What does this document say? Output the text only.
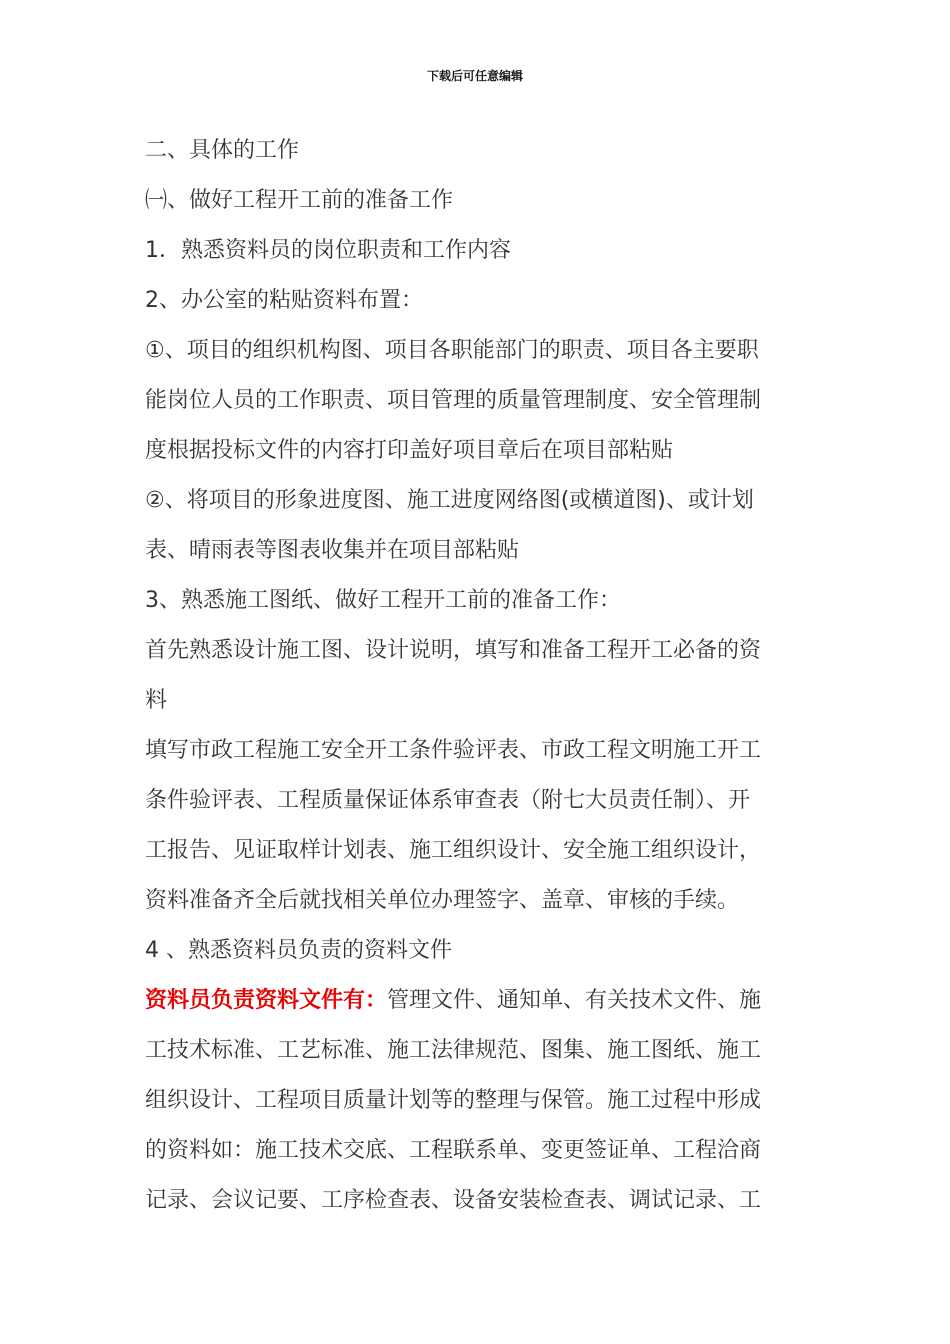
下载后可任意编辑
二、具体的工作
㈠、做好工程开工前的准备工作
1．熟悉资料员的岗位职责和工作内容
2、办公室的粘贴资料布置：
①、项目的组织机构图、项目各职能部门的职责、项目各主要职
能岗位人员的工作职责、项目管理的质量管理制度、安全管理制
度根据投标文件的内容打印盖好项目章后在项目部粘贴
②、将项目的形象进度图、施工进度网络图(或横道图)、或计划
表、晴雨表等图表收集并在项目部粘贴
3、熟悉施工图纸、做好工程开工前的准备工作：
首先熟悉设计施工图、设计说明，填写和准备工程开工必备的资
料
填写市政工程施工安全开工条件验评表、市政工程文明施工开工
条件验评表、工程质量保证体系审查表（附七大员责任制）、开
工报告、见证取样计划表、施工组织设计、安全施工组织设计，
资料准备齐全后就找相关单位办理签字、盖章、审核的手续。
4 、熟悉资料员负责的资料文件
资料员负责资料文件有：管理文件、通知单、有关技术文件、施
工技术标准、工艺标准、施工法律规范、图集、施工图纸、施工
组织设计、工程项目质量计划等的整理与保管。施工过程中形成
的资料如：施工技术交底、工程联系单、变更签证单、工程洽商
记录、会议记要、工序检查表、设备安装检查表、调试记录、工
